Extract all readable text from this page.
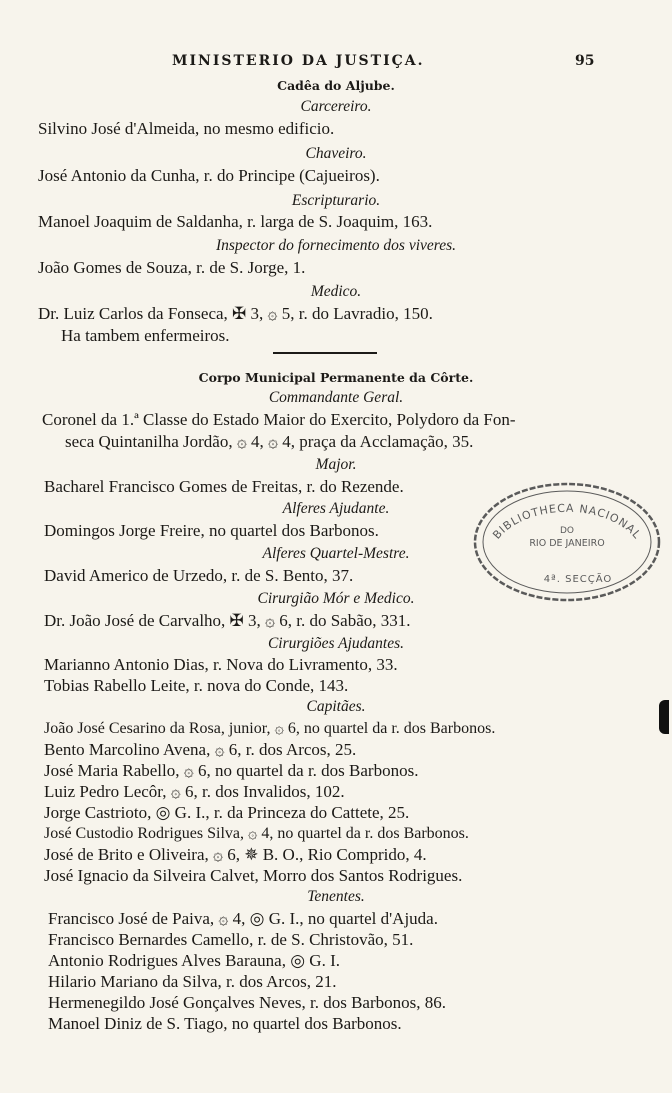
MINISTERIO DA JUSTIÇA.	95
Cadêa do Aljube.
Carcereiro.
Silvino José d'Almeida, no mesmo edificio.
Chaveiro.
José Antonio da Cunha, r. do Principe (Cajueiros).
Escripturario.
Manoel Joaquim de Saldanha, r. larga de S. Joaquim, 163.
Inspector do fornecimento dos viveres.
João Gomes de Souza, r. de S. Jorge, 1.
Medico.
Dr. Luiz Carlos da Fonseca, ✠ 3, ۞ 5, r. do Lavradio, 150.
Ha tambem enfermeiros.
Corpo Municipal Permanente da Côrte.
Commandante Geral.
Coronel da 1.ª Classe do Estado Maior do Exercito, Polydoro da Fon-
seca Quintanilha Jordão, ۞ 4, ۞ 4, praça da Acclamação, 35.
Major.
Bacharel Francisco Gomes de Freitas, r. do Rezende.
Alferes Ajudante.
Domingos Jorge Freire, no quartel dos Barbonos.
Alferes Quartel-Mestre.
David Americo de Urzedo, r. de S. Bento, 37.
Cirurgião Mór e Medico.
Dr. João José de Carvalho, ✠ 3, ۞ 6, r. do Sabão, 331.
Cirurgiões Ajudantes.
Marianno Antonio Dias, r. Nova do Livramento, 33.
Tobias Rabello Leite, r. nova do Conde, 143.
Capitães.
João José Cesarino da Rosa, junior, ۞ 6, no quartel da r. dos Barbonos.
Bento Marcolino Avena, ۞ 6, r. dos Arcos, 25.
José Maria Rabello, ۞ 6, no quartel da r. dos Barbonos.
Luiz Pedro Lecôr, ۞ 6, r. dos Invalidos, 102.
Jorge Castrioto, ◎ G. I., r. da Princeza do Cattete, 25.
José Custodio Rodrigues Silva, ۞ 4, no quartel da r. dos Barbonos.
José de Brito e Oliveira, ۞ 6, ✵ B. O., Rio Comprido, 4.
José Ignacio da Silveira Calvet, Morro dos Santos Rodrigues.
Tenentes.
Francisco José de Paiva, ۞ 4, ◎ G. I., no quartel d'Ajuda.
Francisco Bernardes Camello, r. de S. Christovão, 51.
Antonio Rodrigues Alves Barauna, ◎ G. I.
Hilario Mariano da Silva, r. dos Arcos, 21.
Hermenegildo José Gonçalves Neves, r. dos Barbonos, 86.
Manoel Diniz de S. Tiago, no quartel dos Barbonos.
BIBLIOTHECA NACIONAL
DO
RIO DE JANEIRO
4ª. SECÇÃO
